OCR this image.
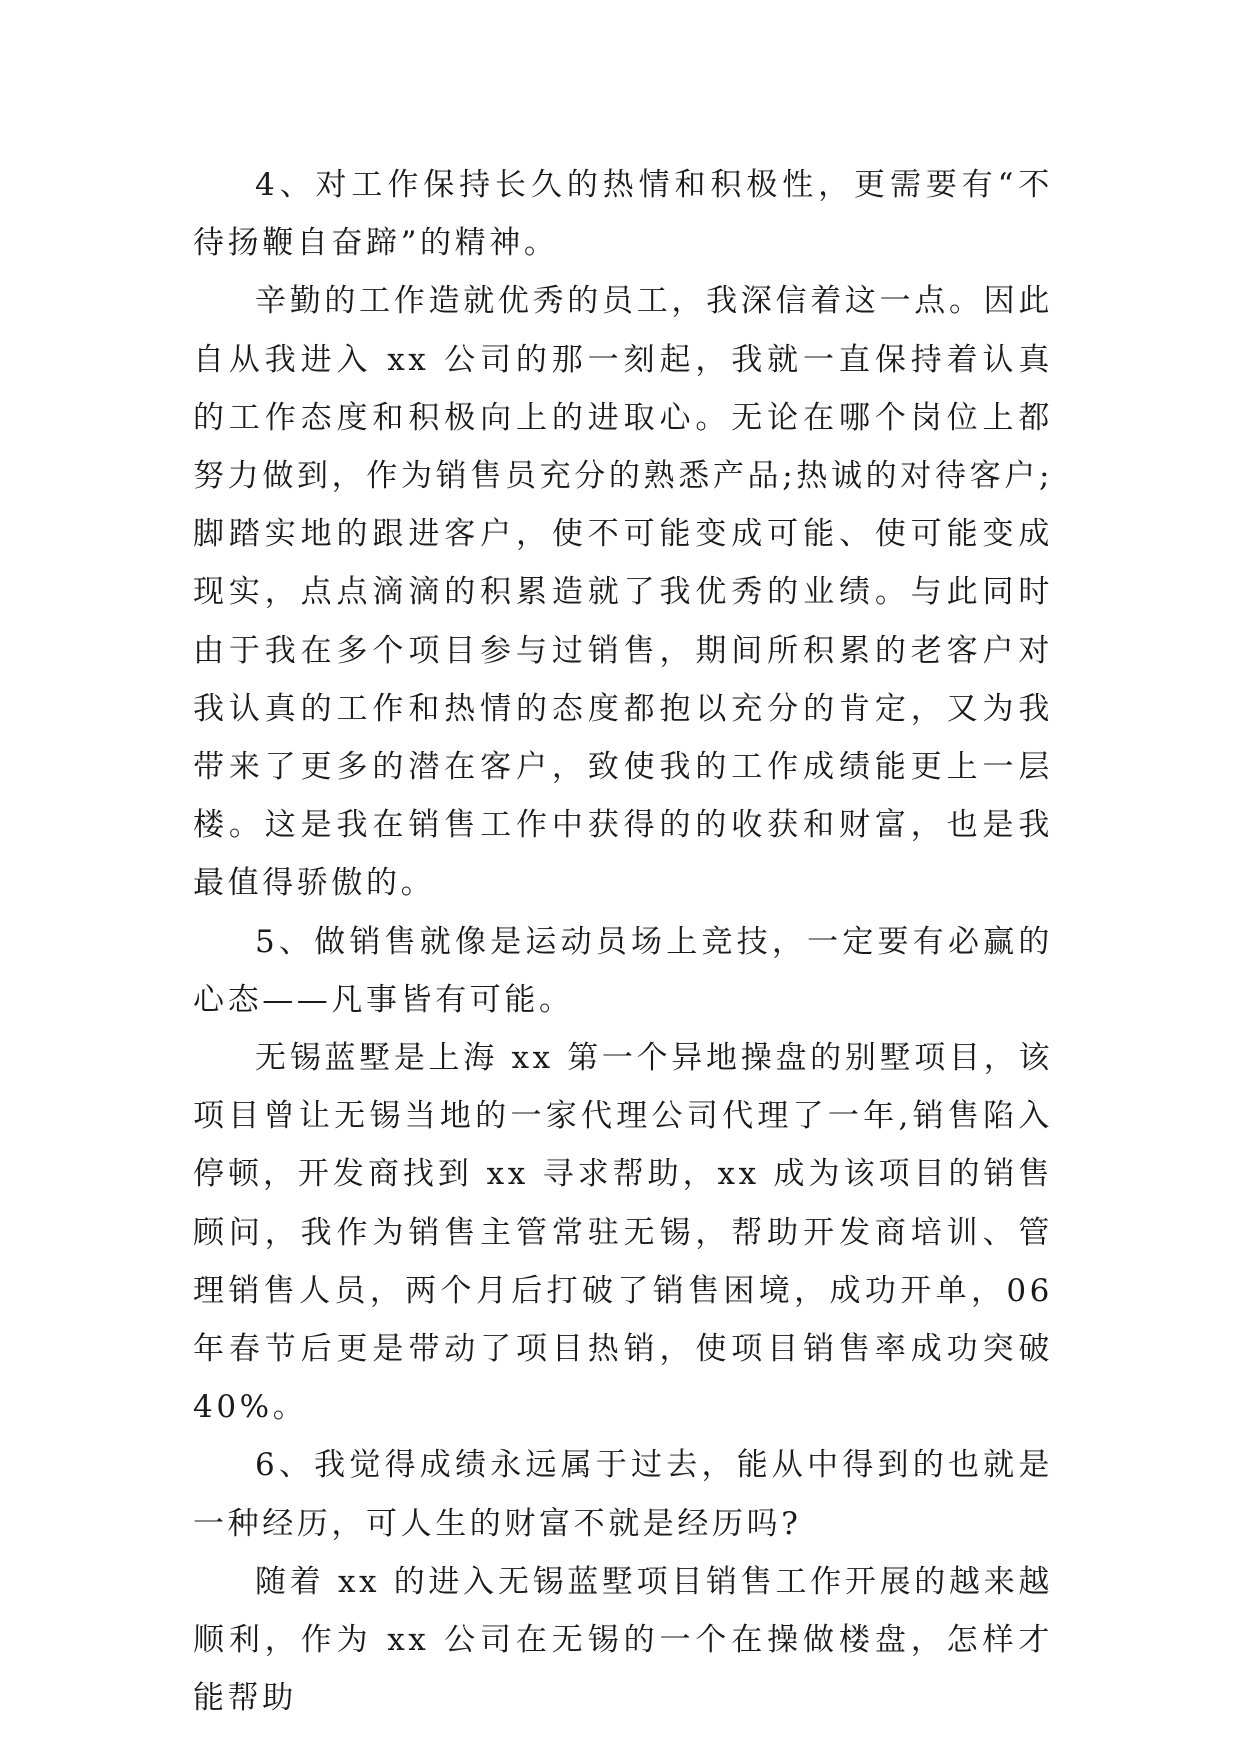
4、对工作保持长久的热情和积极性，更需要有“不待扬鞭自奋蹄”的精神。

辛勤的工作造就优秀的员工，我深信着这一点。因此自从我进入 xx 公司的那一刻起，我就一直保持着认真的工作态度和积极向上的进取心。无论在哪个岗位上都努力做到，作为销售员充分的熟悉产品;热诚的对待客户;脚踏实地的跟进客户，使不可能变成可能、使可能变成现实，点点滴滴的积累造就了我优秀的业绩。与此同时由于我在多个项目参与过销售，期间所积累的老客户对我认真的工作和热情的态度都抱以充分的肯定，又为我带来了更多的潜在客户，致使我的工作成绩能更上一层楼。这是我在销售工作中获得的的收获和财富，也是我最值得骄傲的。

5、做销售就像是运动员场上竞技，一定要有必赢的心态——凡事皆有可能。

无锡蓝墅是上海 xx 第一个异地操盘的别墅项目，该项目曾让无锡当地的一家代理公司代理了一年,销售陷入停顿，开发商找到 xx 寻求帮助，xx 成为该项目的销售顾问，我作为销售主管常驻无锡，帮助开发商培训、管理销售人员，两个月后打破了销售困境，成功开单，06 年春节后更是带动了项目热销，使项目销售率成功突破 40%。

6、我觉得成绩永远属于过去，能从中得到的也就是一种经历，可人生的财富不就是经历吗?

随着 xx 的进入无锡蓝墅项目销售工作开展的越来越顺利，作为 xx 公司在无锡的一个在操做楼盘，怎样才能帮助
